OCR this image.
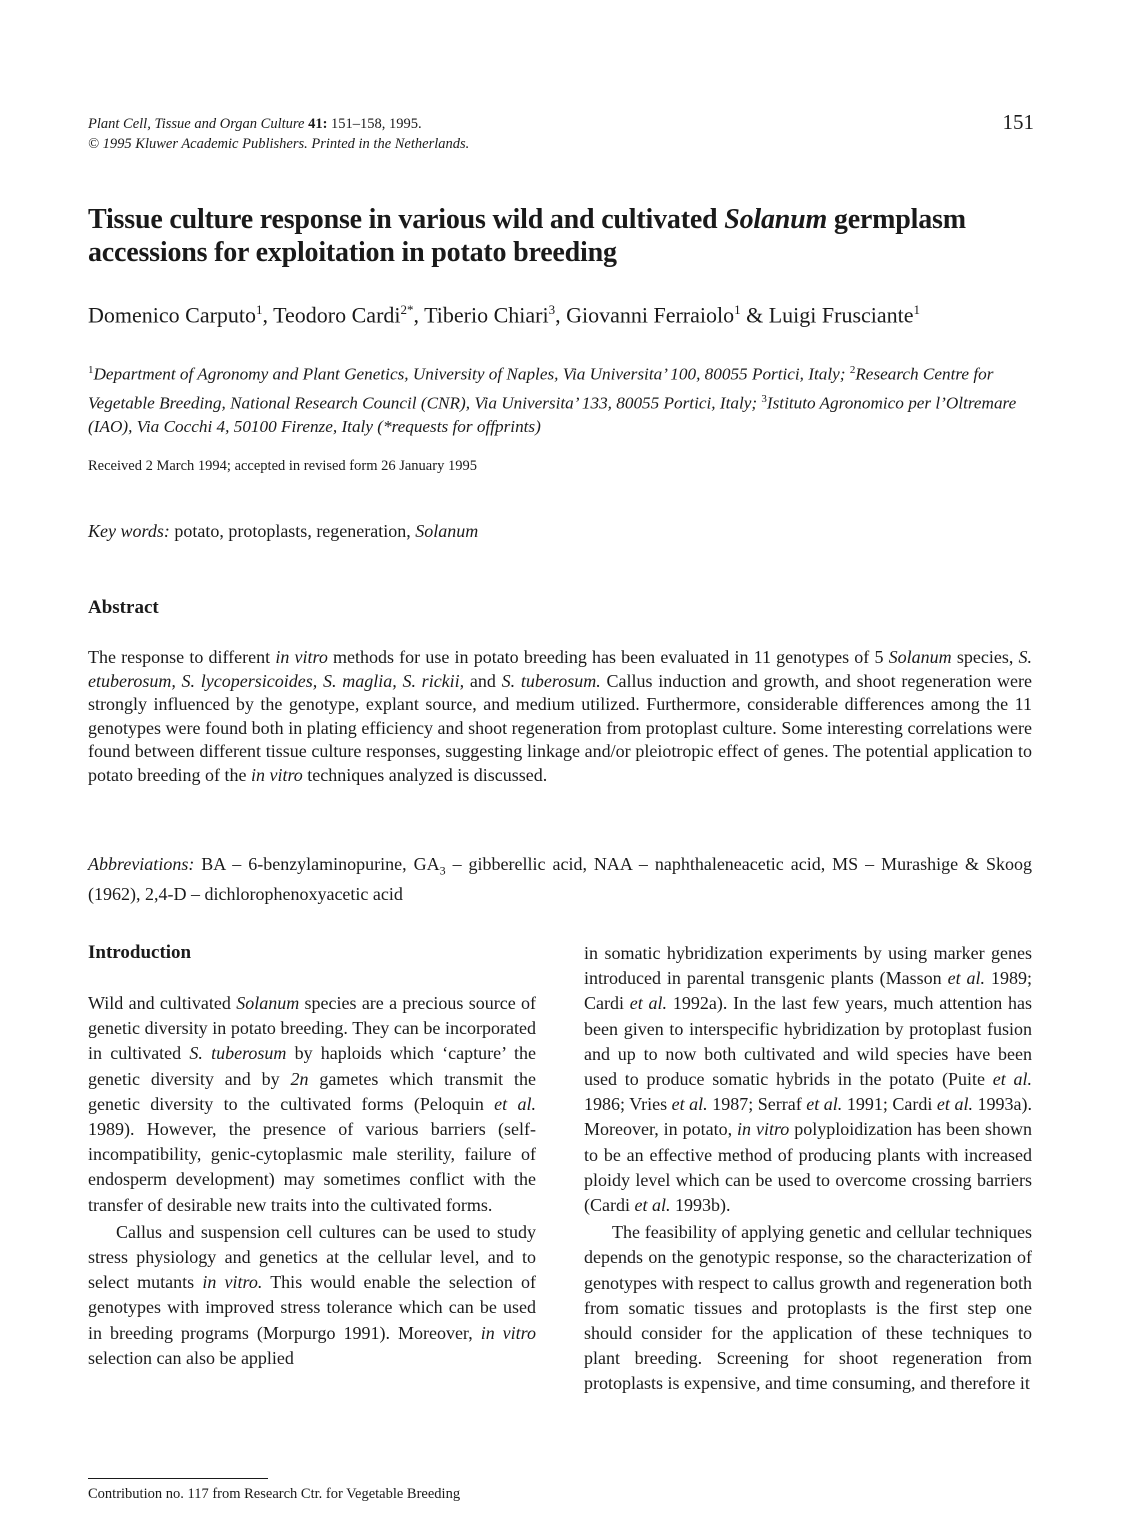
Plant Cell, Tissue and Organ Culture 41: 151–158, 1995.
© 1995 Kluwer Academic Publishers. Printed in the Netherlands.
151
Tissue culture response in various wild and cultivated Solanum germplasm accessions for exploitation in potato breeding
Domenico Carputo$^1$, Teodoro Cardi$^{2*}$, Tiberio Chiari$^3$, Giovanni Ferraiolo$^1$ & Luigi Frusciante$^1$
$^1$Department of Agronomy and Plant Genetics, University of Naples, Via Universita’ 100, 80055 Portici, Italy; $^2$Research Centre for Vegetable Breeding, National Research Council (CNR), Via Universita’ 133, 80055 Portici, Italy; $^3$Istituto Agronomico per l’Oltremare (IAO), Via Cocchi 4, 50100 Firenze, Italy (*requests for offprints)
Received 2 March 1994; accepted in revised form 26 January 1995
Key words: potato, protoplasts, regeneration, Solanum
Abstract
The response to different in vitro methods for use in potato breeding has been evaluated in 11 genotypes of 5 Solanum species, S. etuberosum, S. lycopersicoides, S. maglia, S. rickii, and S. tuberosum. Callus induction and growth, and shoot regeneration were strongly influenced by the genotype, explant source, and medium utilized. Furthermore, considerable differences among the 11 genotypes were found both in plating efficiency and shoot regeneration from protoplast culture. Some interesting correlations were found between different tissue culture responses, suggesting linkage and/or pleiotropic effect of genes. The potential application to potato breeding of the in vitro techniques analyzed is discussed.
Abbreviations: BA – 6-benzylaminopurine, $GA_3$ – gibberellic acid, NAA – naphthaleneacetic acid, MS – Murashige & Skoog (1962), 2,4-D – dichlorophenoxyacetic acid
Introduction

Wild and cultivated Solanum species are a precious source of genetic diversity in potato breeding. They can be incorporated in cultivated S. tuberosum by haploids which ‘capture’ the genetic diversity and by 2n gametes which transmit the genetic diversity to the cultivated forms (Peloquin et al. 1989). However, the presence of various barriers (self-incompatibility, genic-cytoplasmic male sterility, failure of endosperm development) may sometimes conflict with the transfer of desirable new traits into the cultivated forms.

Callus and suspension cell cultures can be used to study stress physiology and genetics at the cellular level, and to select mutants in vitro. This would enable the selection of genotypes with improved stress tolerance which can be used in breeding programs (Morpurgo 1991). Moreover, in vitro selection can also be applied

in somatic hybridization experiments by using marker genes introduced in parental transgenic plants (Masson et al. 1989; Cardi et al. 1992a). In the last few years, much attention has been given to interspecific hybridization by protoplast fusion and up to now both cultivated and wild species have been used to produce somatic hybrids in the potato (Puite et al. 1986; Vries et al. 1987; Serraf et al. 1991; Cardi et al. 1993a). Moreover, in potato, in vitro polyploidization has been shown to be an effective method of producing plants with increased ploidy level which can be used to overcome crossing barriers (Cardi et al. 1993b).

The feasibility of applying genetic and cellular techniques depends on the genotypic response, so the characterization of genotypes with respect to callus growth and regeneration both from somatic tissues and protoplasts is the first step one should consider for the application of these techniques to plant breeding. Screening for shoot regeneration from protoplasts is expensive, and time consuming, and therefore it

Contribution no. 117 from Research Ctr. for Vegetable Breeding
